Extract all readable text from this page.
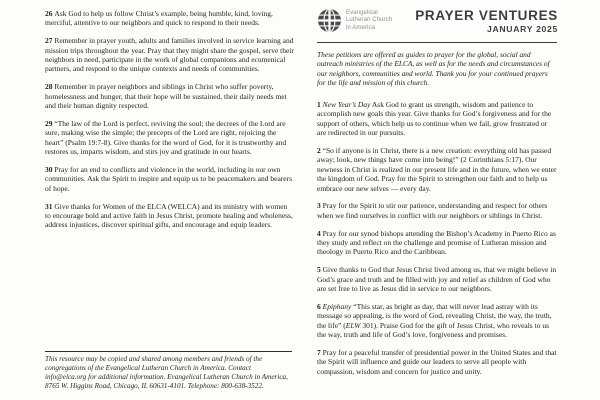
26 Ask God to help us follow Christ’s example, being humble, kind, loving, merciful, attentive to our neighbors and quick to respond to their needs.

27 Remember in prayer youth, adults and families involved in service learning and mission trips throughout the year. Pray that they might share the gospel, serve their neighbors in need, participate in the work of global companions and ecumenical partners, and respond to the unique contexts and needs of communities.

28 Remember in prayer neighbors and siblings in Christ who suffer poverty, homelessness and hunger, that their hope will be sustained, their daily needs met and their human dignity respected.

29 “The law of the Lord is perfect, reviving the soul; the decrees of the Lord are sure, making wise the simple; the precepts of the Lord are right, rejoicing the heart” (Psalm 19:7-8). Give thanks for the word of God, for it is trustworthy and restores us, imparts wisdom, and stirs joy and gratitude in our hearts.

30 Pray for an end to conflicts and violence in the world, including in our own communities. Ask the Spirit to inspire and equip us to be peacemakers and bearers of hope.

31 Give thanks for Women of the ELCA (WELCA) and its ministry with women to encourage bold and active faith in Jesus Christ, promote healing and wholeness, address injustices, discover spiritual gifts, and encourage and equip leaders.

This resource may be copied and shared among members and friends of the congregations of the Evangelical Lutheran Church in America. Contact info@elca.org for additional information. Evangelical Lutheran Church in America, 8765 W. Higgins Road, Chicago, IL 60631-4101. Telephone: 800-638-3522.

Evangelical
Lutheran Church
in America
PRAYER VENTURES
JANUARY 2025

These petitions are offered as guides to prayer for the global, social and outreach ministries of the ELCA, as well as for the needs and circumstances of our neighbors, communities and world. Thank you for your continued prayers for the life and mission of this church.

1 New Year’s Day Ask God to grant us strength, wisdom and patience to accomplish new goals this year. Give thanks for God’s forgiveness and for the support of others, which help us to continue when we fail, grow frustrated or are redirected in our pursuits.

2 “So if anyone is in Christ, there is a new creation: everything old has passed away; look, new things have come into being!” (2 Corinthians 5:17). Our newness in Christ is realized in our present life and in the future, when we enter the kingdom of God. Pray for the Spirit to strengthen our faith and to help us embrace our new selves — every day.

3 Pray for the Spirit to stir our patience, understanding and respect for others when we find ourselves in conflict with our neighbors or siblings in Christ.

4 Pray for our synod bishops attending the Bishop’s Academy in Puerto Rico as they study and reflect on the challenge and promise of Lutheran mission and theology in Puerto Rico and the Caribbean.

5 Give thanks to God that Jesus Christ lived among us, that we might believe in God’s grace and truth and be filled with joy and relief as children of God who are set free to live as Jesus did in service to our neighbors.

6 Epiphany “This star, as bright as day, that will never lead astray with its message so appealing, is the word of God, revealing Christ, the way, the truth, the life” (ELW 301). Praise God for the gift of Jesus Christ, who reveals to us the way, truth and life of God’s love, forgiveness and promises.

7 Pray for a peaceful transfer of presidential power in the United States and that the Spirit will influence and guide our leaders to serve all people with compassion, wisdom and concern for justice and unity.
